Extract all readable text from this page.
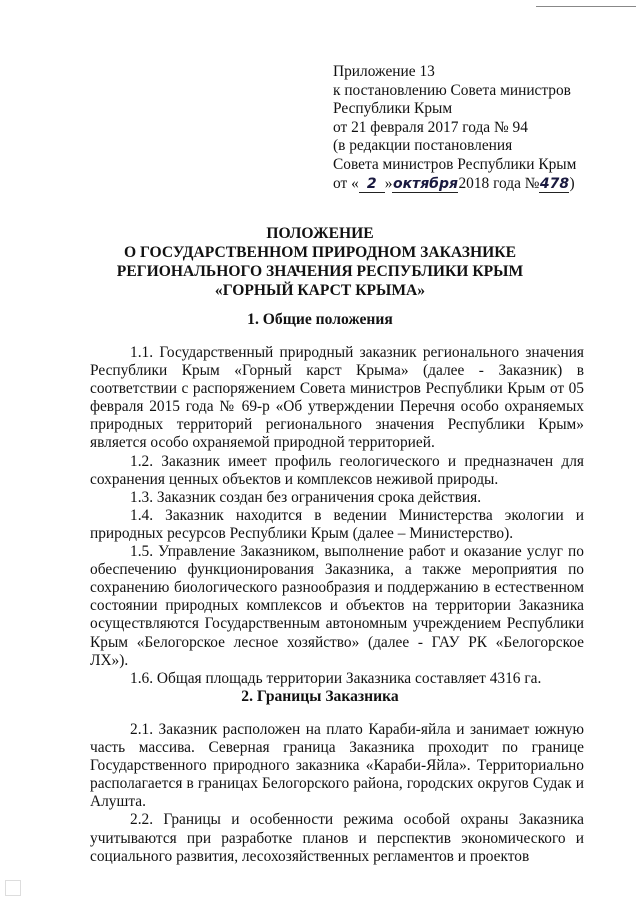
Приложение 13
к постановлению Совета министров
Республики Крым
от 21 февраля 2017 года № 94
(в редакции постановления
Совета министров Республики Крым
от « 2 »октября2018 года №478)
ПОЛОЖЕНИЕ
О ГОСУДАРСТВЕННОМ ПРИРОДНОМ ЗАКАЗНИКЕ
РЕГИОНАЛЬНОГО ЗНАЧЕНИЯ РЕСПУБЛИКИ КРЫМ
«ГОРНЫЙ КАРСТ КРЫМА»
1. Общие положения

1.1. Государственный природный заказник регионального значения Республики Крым «Горный карст Крыма» (далее - Заказник) в соответствии с распоряжением Совета министров Республики Крым от 05 февраля 2015 года № 69-р «Об утверждении Перечня особо охраняемых природных территорий регионального значения Республики Крым» является особо охраняемой природной территорией.

1.2. Заказник имеет профиль геологического и предназначен для сохранения ценных объектов и комплексов неживой природы.

1.3. Заказник создан без ограничения срока действия.

1.4. Заказник находится в ведении Министерства экологии и природных ресурсов Республики Крым (далее – Министерство).

1.5. Управление Заказником, выполнение работ и оказание услуг по обеспечению функционирования Заказника, а также мероприятия по сохранению биологического разнообразия и поддержанию в естественном состоянии природных комплексов и объектов на территории Заказника осуществляются Государственным автономным учреждением Республики Крым «Белогорское лесное хозяйство» (далее - ГАУ РК «Белогорское ЛХ»).

1.6. Общая площадь территории Заказника составляет 4316 га.

2. Границы Заказника

2.1. Заказник расположен на плато Караби-яйла и занимает южную часть массива. Северная граница Заказника проходит по границе Государственного природного заказника «Караби-Яйла». Территориально располагается в границах Белогорского района, городских округов Судак и Алушта.

2.2. Границы и особенности режима особой охраны Заказника учитываются при разработке планов и перспектив экономического и социального развития, лесохозяйственных регламентов и проектов
